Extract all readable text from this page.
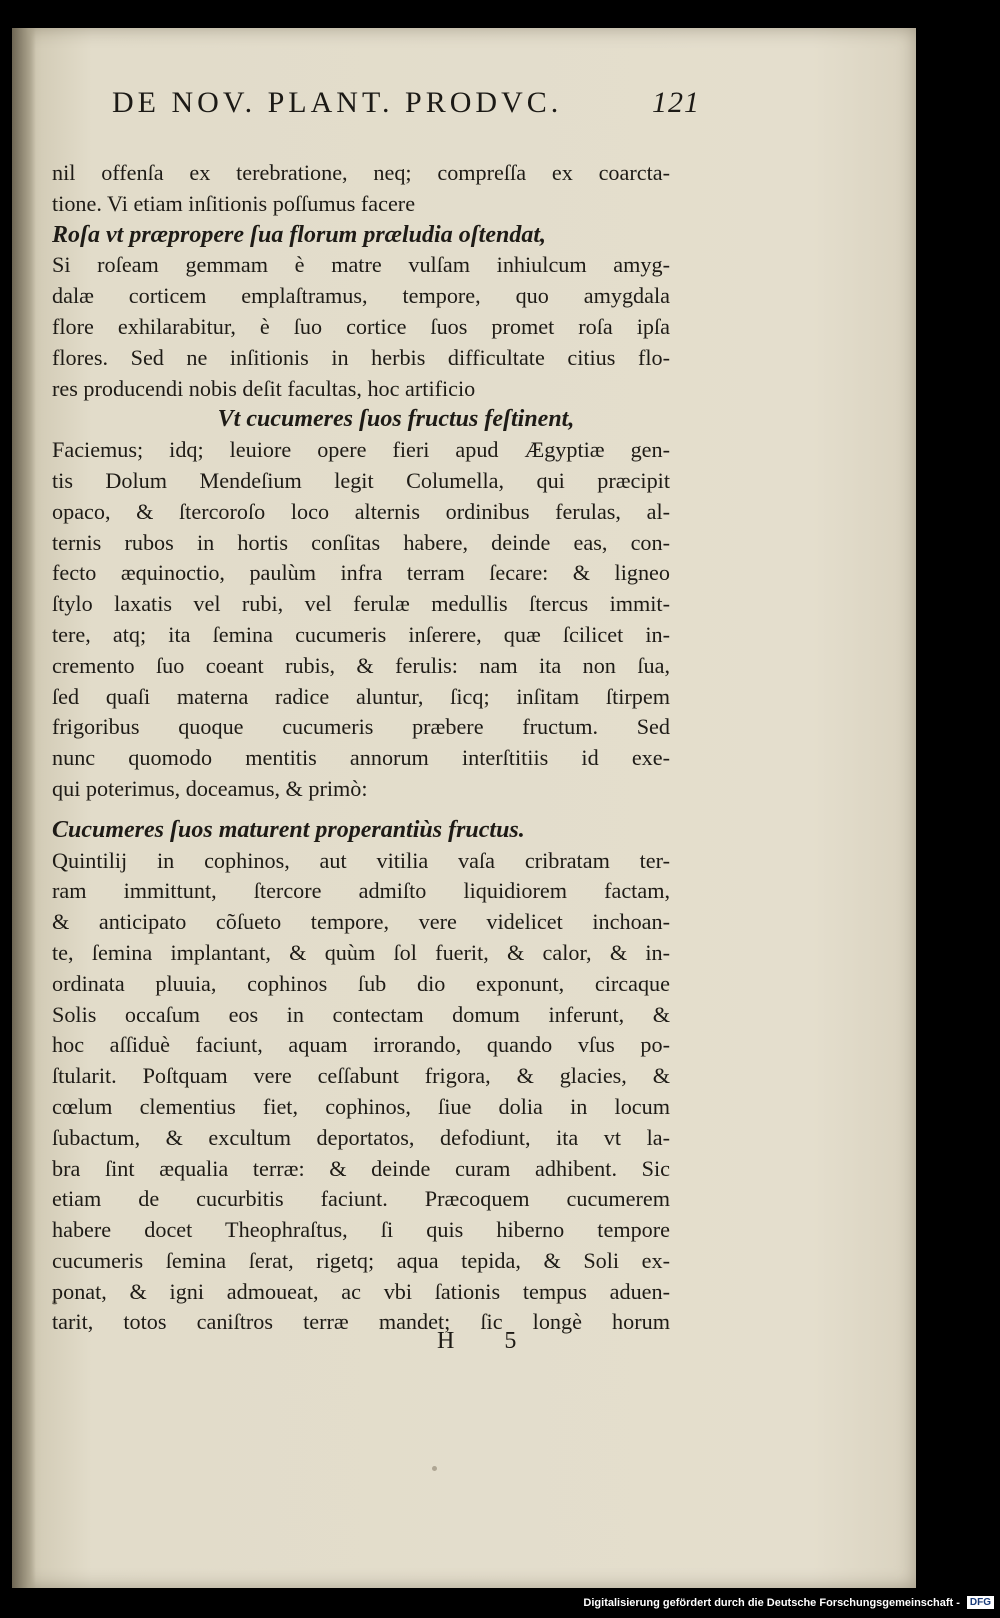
DE NOV. PLANT. PRODVC.	121
nil offenſa ex terebratione, neq; compreſſa ex coarcta-
tione. Vi etiam inſitionis poſſumus facere
Roſa vt præpropere ſua florum præludia oſtendat,
Si roſeam gemmam è matre vulſam inhiulcum amyg-
dalæ corticem emplaſtramus, tempore, quo amygdala
flore exhilarabitur, è ſuo cortice ſuos promet roſa ipſa
flores. Sed ne inſitionis in herbis difficultate citius flo-
res producendi nobis deſit facultas, hoc artificio
Vt cucumeres ſuos fructus feſtinent,
Faciemus; idq; leuiore opere fieri apud Ægyptiæ gen-
tis Dolum Mendeſium legit Columella, qui præcipit
opaco, & ſtercoroſo loco alternis ordinibus ferulas, al-
ternis rubos in hortis conſitas habere, deinde eas, con-
fecto æquinoctio, paulùm infra terram ſecare: & ligneo
ſtylo laxatis vel rubi, vel ferulæ medullis ſtercus immit-
tere, atq; ita ſemina cucumeris inſerere, quæ ſcilicet in-
cremento ſuo coeant rubis, & ferulis: nam ita non ſua,
ſed quaſi materna radice aluntur, ſicq; inſitam ſtirpem
frigoribus quoque cucumeris præbere fructum. Sed
nunc quomodo mentitis annorum interſtitiis id exe-
qui poterimus, doceamus, & primò:
Cucumeres ſuos maturent properantiùs fructus.
Quintilij in cophinos, aut vitilia vaſa cribratam ter-
ram immittunt, ſtercore admiſto liquidiorem factam,
& anticipato cõſueto tempore, vere videlicet inchoan-
te, ſemina implantant, & quùm ſol fuerit, & calor, & in-
ordinata pluuia, cophinos ſub dio exponunt, circaque
Solis occaſum eos in contectam domum inferunt, &
hoc aſſiduè faciunt, aquam irrorando, quando vſus po-
ſtularit. Poſtquam vere ceſſabunt frigora, & glacies, &
cœlum clementius fiet, cophinos, ſiue dolia in locum
ſubactum, & excultum deportatos, defodiunt, ita vt la-
bra ſint æqualia terræ: & deinde curam adhibent. Sic
etiam de cucurbitis faciunt. Præcoquem cucumerem
habere docet Theophraſtus, ſi quis hiberno tempore
cucumeris ſemina ſerat, rigetq; aqua tepida, & Soli ex-
ponat, & igni admoueat, ac vbi ſationis tempus aduen-
tarit, totos caniſtros terræ mandet; ſic longè horum
H 5
Digitalisierung gefördert durch die Deutsche Forschungsgemeinschaft -	DFG
